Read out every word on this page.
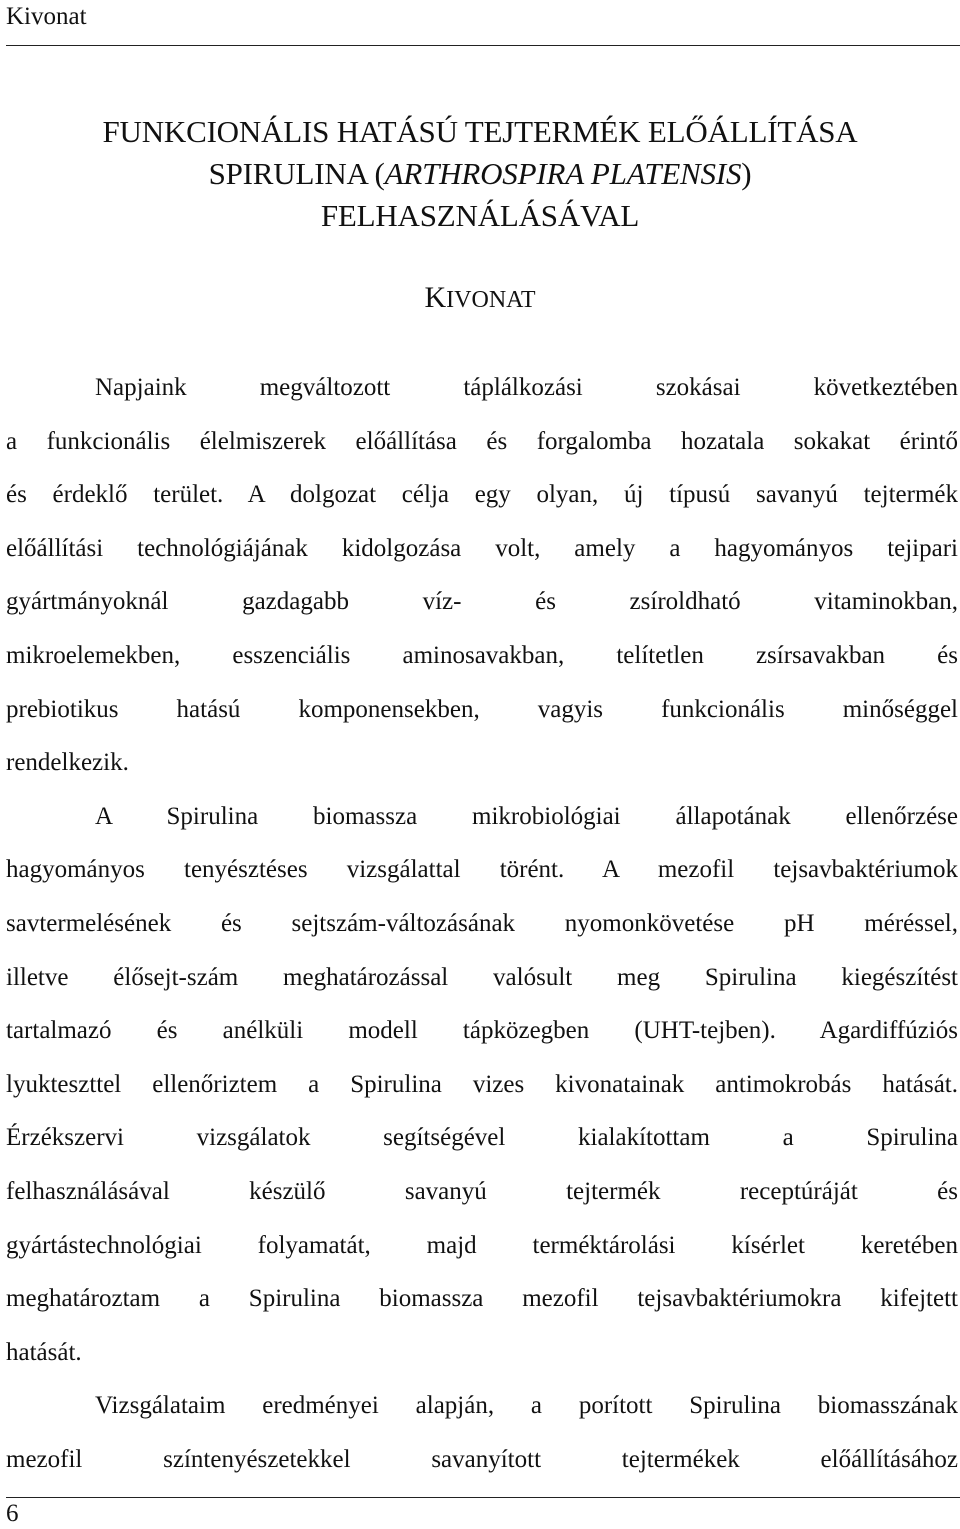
Kivonat
FUNKCIONÁLIS HATÁSÚ TEJTERMÉK ELŐÁLLÍTÁSA
SPIRULINA (ARTHROSPIRA PLATENSIS)
FELHASZNÁLÁSÁVAL
KIVONAT
Napjaink megváltozott táplálkozási szokásai következtében
a funkcionális élelmiszerek előállítása és forgalomba hozatala sokakat érintő
és érdeklő terület. A dolgozat célja egy olyan, új típusú savanyú tejtermék
előállítási technológiájának kidolgozása volt, amely a hagyományos tejipari
gyártmányoknál gazdagabb víz- és zsíroldható vitaminokban,
mikroelemekben, esszenciális aminosavakban, telítetlen zsírsavakban és
prebiotikus hatású komponensekben, vagyis funkcionális minőséggel
rendelkezik.
A Spirulina biomassza mikrobiológiai állapotának ellenőrzése
hagyományos tenyésztéses vizsgálattal törént. A mezofil tejsavbaktériumok
savtermelésének és sejtszám-változásának nyomonkövetése pH méréssel,
illetve élősejt-szám meghatározással valósult meg Spirulina kiegészítést
tartalmazó és anélküli modell tápközegben (UHT-tejben). Agardiffúziós
lyukteszttel ellenőriztem a Spirulina vizes kivonatainak antimokrobás hatását.
Érzékszervi vizsgálatok segítségével kialakítottam a Spirulina
felhasználásával készülő savanyú tejtermék receptúráját és
gyártástechnológiai folyamatát, majd terméktárolási kísérlet keretében
meghatároztam a Spirulina biomassza mezofil tejsavbaktériumokra kifejtett
hatását.
Vizsgálataim eredményei alapján, a porított Spirulina biomasszának
mezofil színtenyészetekkel savanyított tejtermékek előállításához
6
